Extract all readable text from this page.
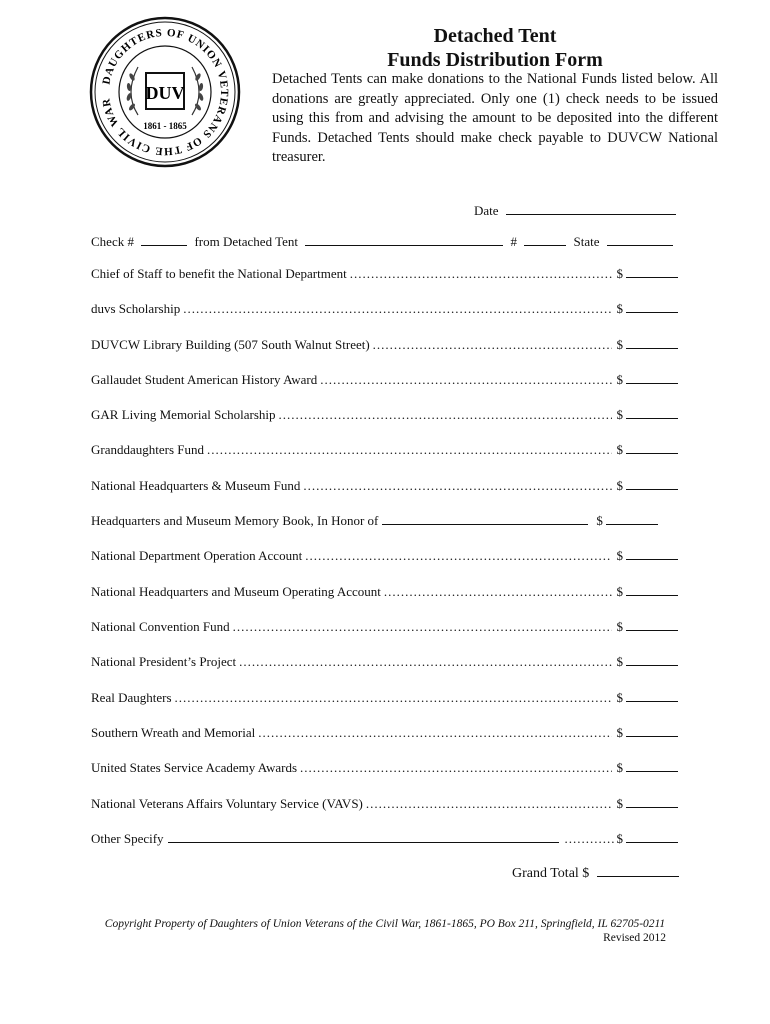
DAUGHTERS OF UNION VETERANS OF THE CIVIL WAR	DUV
1861 - 1865
Detached Tent
Funds Distribution Form
Detached Tents can make donations to the National Funds listed below. All donations are greatly appreciated. Only one (1) check needs to be issued using this from and advising the amount to be deposited into the different Funds. Detached Tents should make check payable to DUVCW National treasurer.
Date
Check #	from Detached Tent	#	State
Chief of Staff to benefit the National Department .....	$
duvs Scholarship .....	$
DUVCW Library Building (507 South Walnut Street) .....	$
Gallaudet Student American History Award .....	$
GAR Living Memorial Scholarship .....	$
Granddaughters Fund .....	$
National Headquarters & Museum Fund .....	$
Headquarters and Museum Memory Book, In Honor of	$
National Department Operation Account .....	$
National Headquarters and Museum Operating Account .....	$
National Convention Fund .....	$
National President’s Project .....	$
Real Daughters .....	$
Southern Wreath and Memorial .....	$
United States Service Academy Awards .....	$
National Veterans Affairs Voluntary Service (VAVS) .....	$
Other Specify .....	$
Grand Total $
Copyright Property of Daughters of Union Veterans of the Civil War, 1861-1865, PO Box 211, Springfield, IL 62705-0211
Revised 2012
